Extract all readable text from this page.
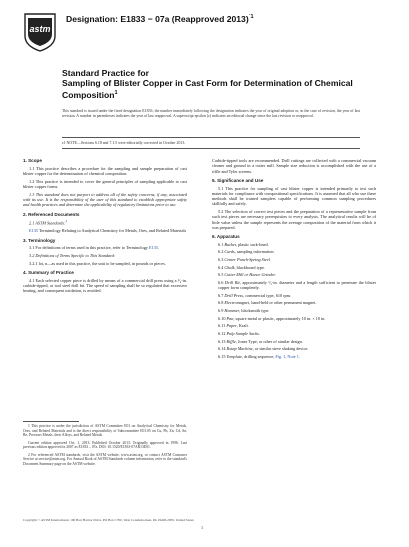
astm
Designation: E1833 − 07a (Reapproved 2013)$^{´1}$
Standard Practice for
Sampling of Blister Copper in Cast Form for Determination of Chemical Composition$^1$
This standard is issued under the fixed designation E1833; the number immediately following the designation indicates the year of original adoption or, in the case of revision, the year of last revision. A number in parentheses indicates the year of last reapproval. A superscript epsilon (ε) indicates an editorial change since the last revision or reapproval.
ε1 NOTE—Sections 6.18 and 7.1.5 were editorially corrected in October 2013.
1. Scope

1.1 This practice describes a procedure for the sampling and sample preparation of cast blister copper for the determination of chemical composition.

1.2 This practice is intended to cover the general principles of sampling applicable to cast blister copper forms.

1.3 This standard does not purport to address all of the safety concerns, if any, associated with its use. It is the responsibility of the user of this standard to establish appropriate safety and health practices and determine the applicability of regulatory limitations prior to use.

2. Referenced Documents

2.1 ASTM Standards:$^2$

E135 Terminology Relating to Analytical Chemistry for Metals, Ores, and Related Materials

3. Terminology

3.1 For definitions of terms used in this practice, refer to Terminology E135.

3.2 Definitions of Terms Specific to This Standard:

3.2.1 lot, n—as used in this practice, the unit to be sampled, in pounds or pieces.

4. Summary of Practice

4.1 Each selected copper piece is drilled by means of a commercial drill press using a ¹⁄₂-in. carbide-tipped, or tool steel drill bit. The speed of sampling shall be so regulated that excessive heating, and consequent oxidation, is avoided.

1 This practice is under the jurisdiction of ASTM Committee E01 on Analytical Chemistry for Metals, Ores, and Related Materials and is the direct responsibility of Subcommittee E01.05 on Cu, Pb, Zn, Cd, Sn, Be, Precious Metals, their Alloys, and Related Metals.

Current edition approved Oct. 1, 2013. Published October 2013. Originally approved in 1996. Last previous edition approved in 2007 as E1833 – 07a. DOI: 10.1520/E1833-07AR13E01.

2 For referenced ASTM standards, visit the ASTM website, www.astm.org, or contact ASTM Customer Service at service@astm.org. For Annual Book of ASTM Standards volume information, refer to the standard's Document Summary page on the ASTM website.

Carbide-tipped tools are recommended. Drill cuttings are collected with a commercial vacuum cleaner and ground in a cutter mill. Sample size reduction is accomplished with the use of a riffle and Tyler screens.

5. Significance and Use

5.1 This practice for sampling of cast blister copper is intended primarily to test such materials for compliance with compositional specifications. It is assumed that all who use these methods shall be trained samplers capable of performing common sampling procedures skillfully and safely.

5.2 The selection of correct test pieces and the preparation of a representative sample from such test pieces are necessary prerequisites to every analysis. The analytical results will be of little value unless the sample represents the average composition of the material from which it was prepared.

6. Apparatus

6.1 Bucket, plastic sack-lined.

6.2 Cards, sampling information.

6.3 Center Punch-Spring Steel.

6.4 Chalk, blackboard type.

6.5 Cutter Mill or Hance Grinder.

6.6 Drill Bit, approximately ¹⁄₂-in. diameter and a length sufficient to penetrate the blister copper form completely.

6.7 Drill Press, commercial type, 610 rpm.

6.8 Electromagnet, hand-held or other permanent magnet.

6.9 Hammer, blacksmith type.

6.10 Pan, square metal or plastic, approximately 10 in. × 10 in.

6.11 Paper, Kraft.

6.12 Pulp Sample Sacks.

6.13 Riffle, Jones Type, or other of similar design.

6.14 Rotap Machine, or similar sieve shaking device.

6.15 Template, drilling sequence, Fig. 1, Note 1.

Copyright © ASTM International, 100 Barr Harbor Drive, PO Box C700, West Conshohocken, PA 19428-2959. United States
1
